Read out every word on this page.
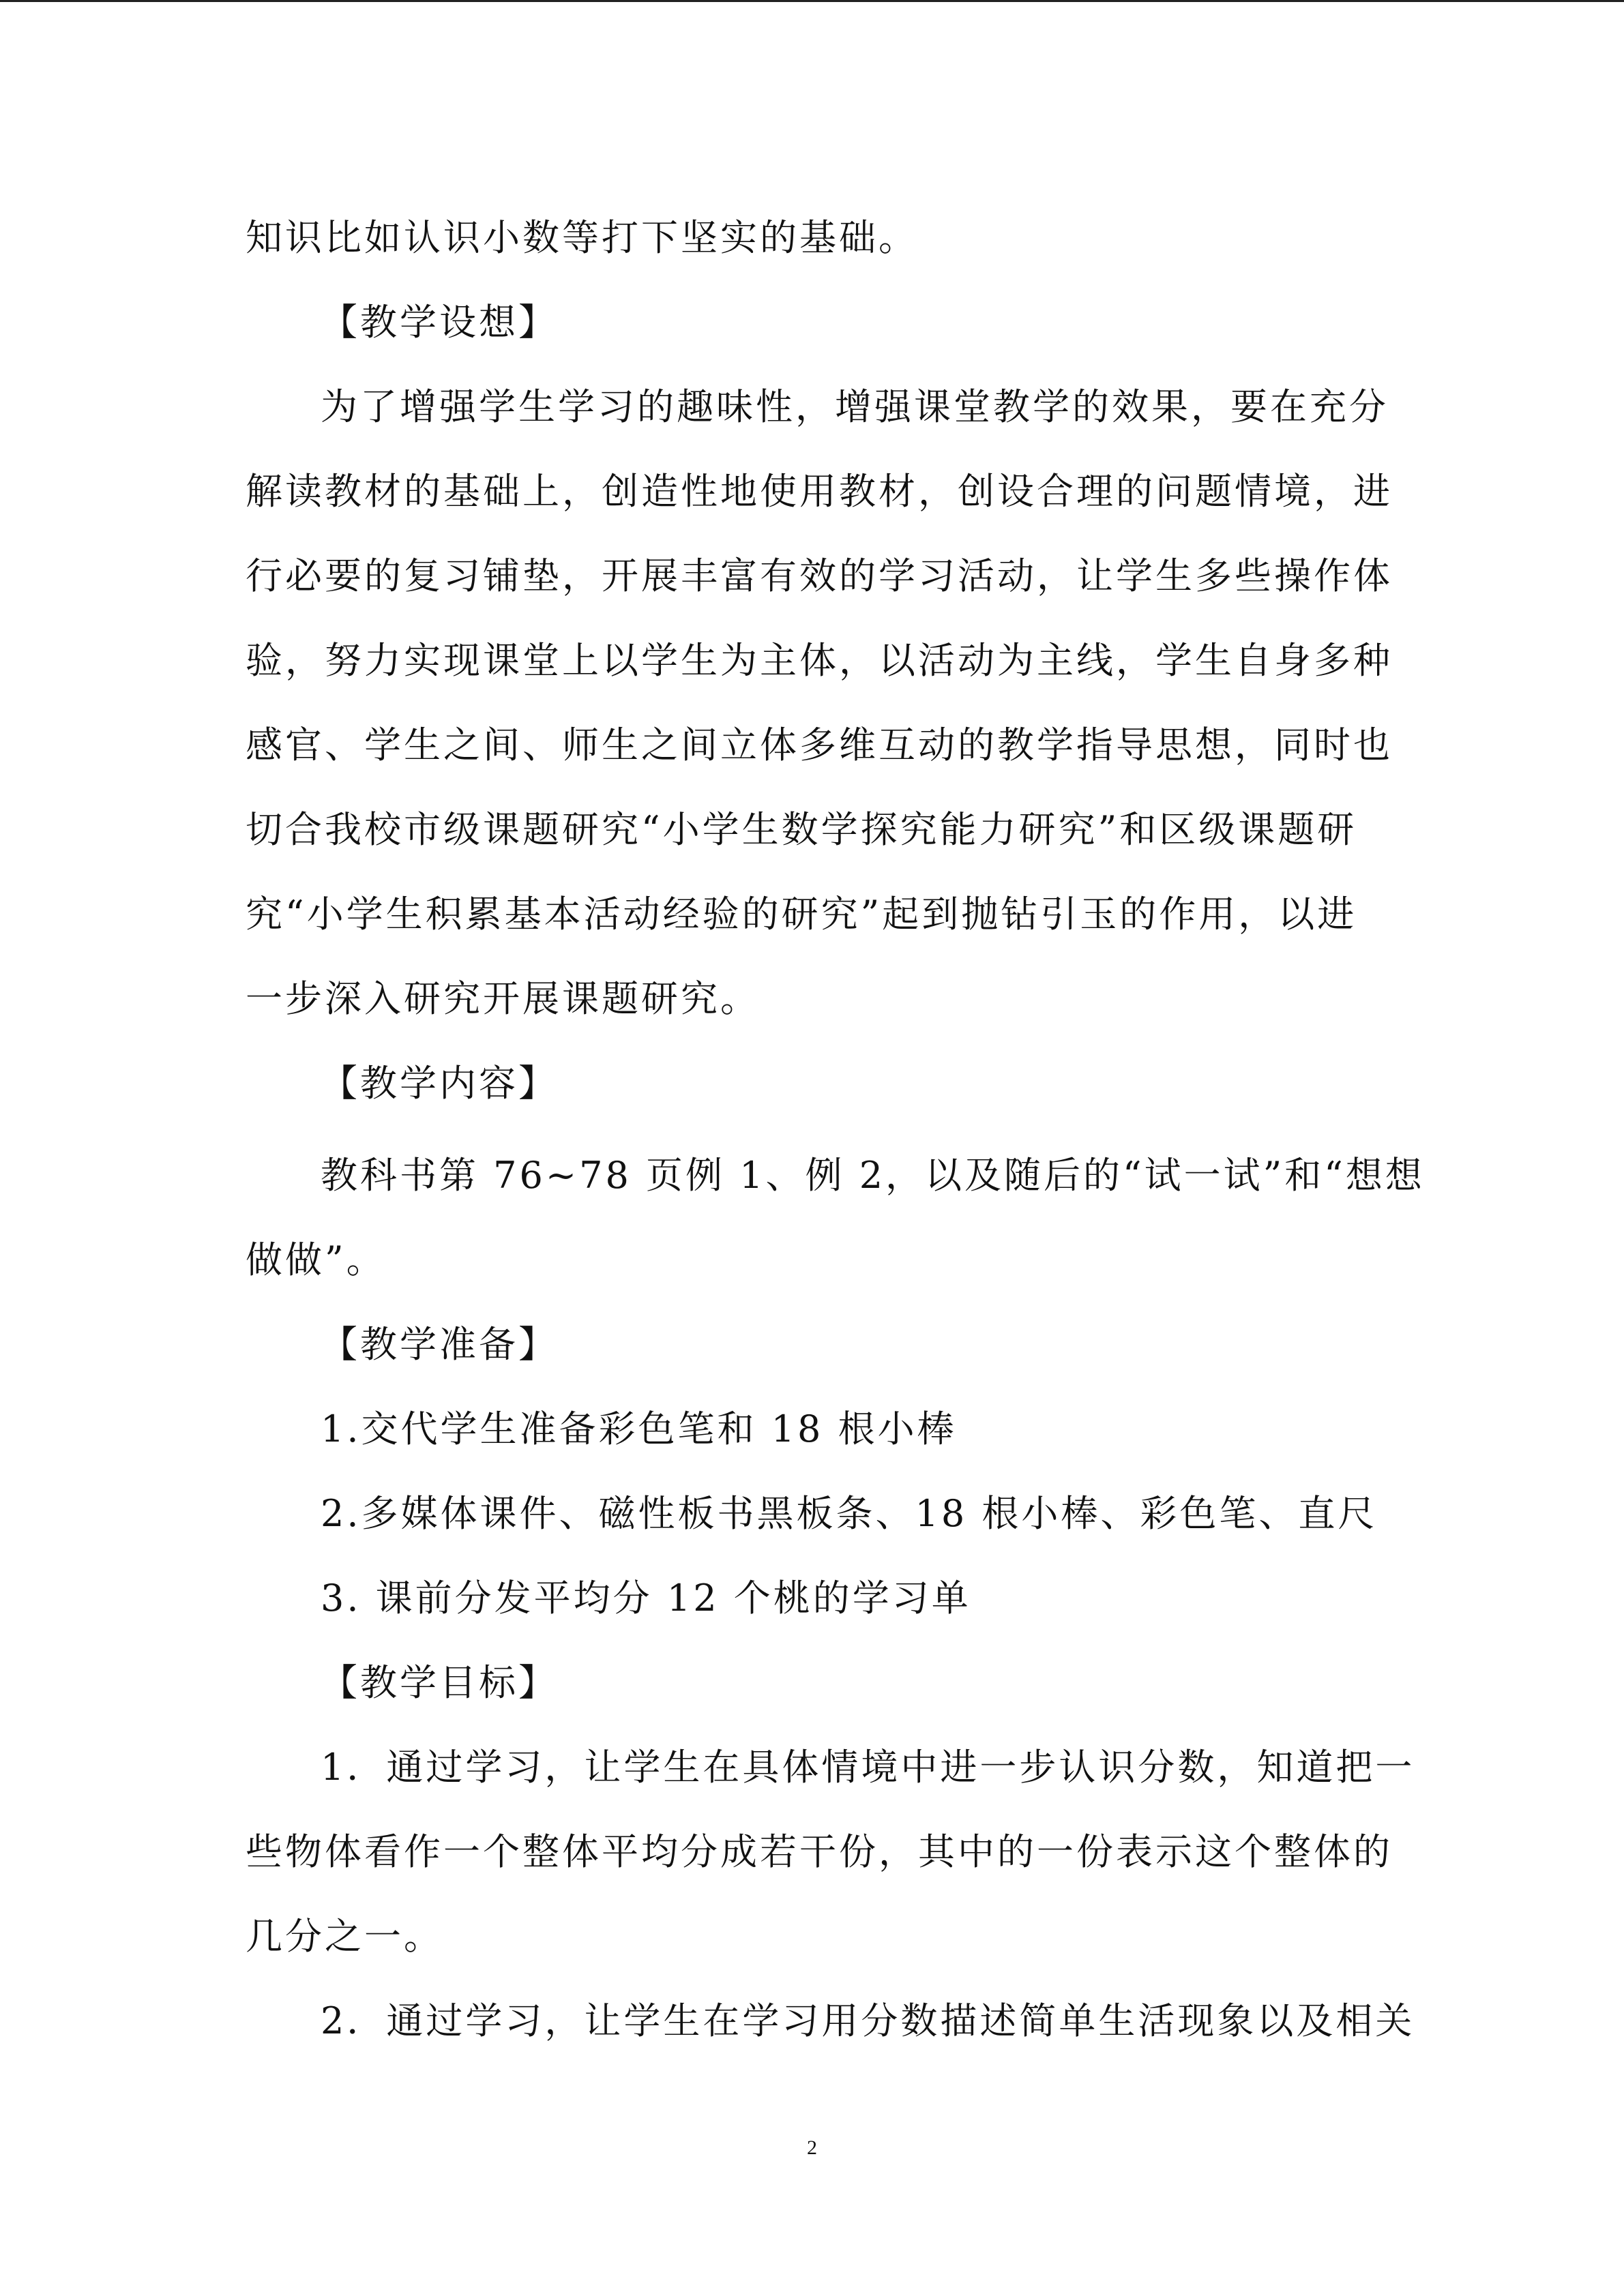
知识比如认识小数等打下坚实的基础。
【教学设想】
为了增强学生学习的趣味性，增强课堂教学的效果，要在充分
解读教材的基础上，创造性地使用教材，创设合理的问题情境，进
行必要的复习铺垫，开展丰富有效的学习活动，让学生多些操作体
验，努力实现课堂上以学生为主体，以活动为主线，学生自身多种
感官、学生之间、师生之间立体多维互动的教学指导思想，同时也
切合我校市级课题研究“小学生数学探究能力研究”和区级课题研
究“小学生积累基本活动经验的研究”起到抛钻引玉的作用，以进
一步深入研究开展课题研究。
【教学内容】
教科书第 76~78 页例 1、例 2，以及随后的“试一试”和“想想
做做”。
【教学准备】
1.交代学生准备彩色笔和 18 根小棒
2.多媒体课件、磁性板书黑板条、18 根小棒、彩色笔、直尺
3. 课前分发平均分 12 个桃的学习单
【教学目标】
1．通过学习，让学生在具体情境中进一步认识分数，知道把一
些物体看作一个整体平均分成若干份，其中的一份表示这个整体的
几分之一。
2．通过学习，让学生在学习用分数描述简单生活现象以及相关
2
